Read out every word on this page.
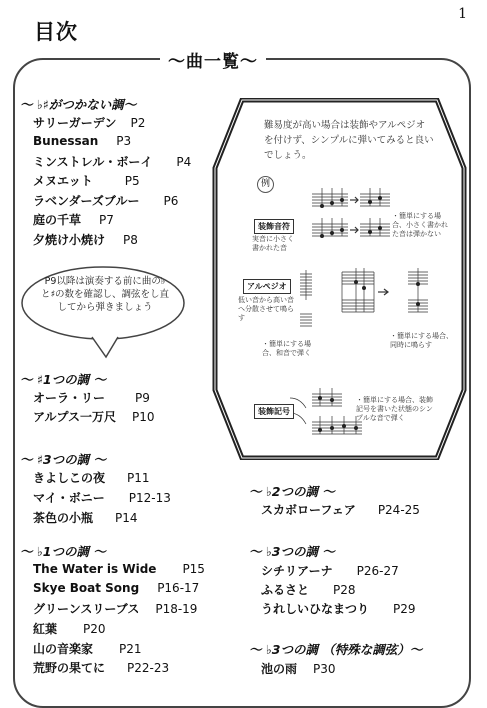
1
目次
〜曲一覧〜
〜 ♭♯がつかない調〜
サリーガーデン P2
Bunessan P3
ミンストレル・ボーイ P4
メヌエット	P5
ラベンダーズブルー P6
庭の千草 P7
夕焼け小焼け P8
P9以降は演奏する前に曲の♭と♯の数を確認し、調弦をし直してから弾きましょう
〜 ♯1つの調 〜
オーラ・リー	P9
アルプス一万尺 P10
〜 ♯3つの調 〜
きよしこの夜 P11
マイ・ボニー P12-13
茶色の小瓶 P14
〜 ♭1つの調 〜
The Water is Wide P15
Skye Boat Song P16-17
グリーンスリーブス P18-19
紅葉 P20
山の音楽家 P21
荒野の果てに P22-23
〜 ♭2つの調 〜
スカボローフェア P24-25
〜 ♭3つの調 〜
シチリアーナ P26-27
ふるさと P28
うれしいひなまつり P29
〜 ♭3つの調 （特殊な調弦）〜
池の雨 P30
難易度が高い場合は装飾やアルペジオを付けず、シンプルに弾いてみると良いでしょう。
例
装飾音符
実音に小さく書かれた音
・簡単にする場合、小さく書かれた音は弾かない
アルペジオ
低い音から高い音へ分散させて鳴らす
・簡単にする場合、同時に鳴らす
・簡単にする場合、和音で弾く
装飾記号
・簡単にする場合、装飾記号を書いた状態のシンプルな音で弾く
